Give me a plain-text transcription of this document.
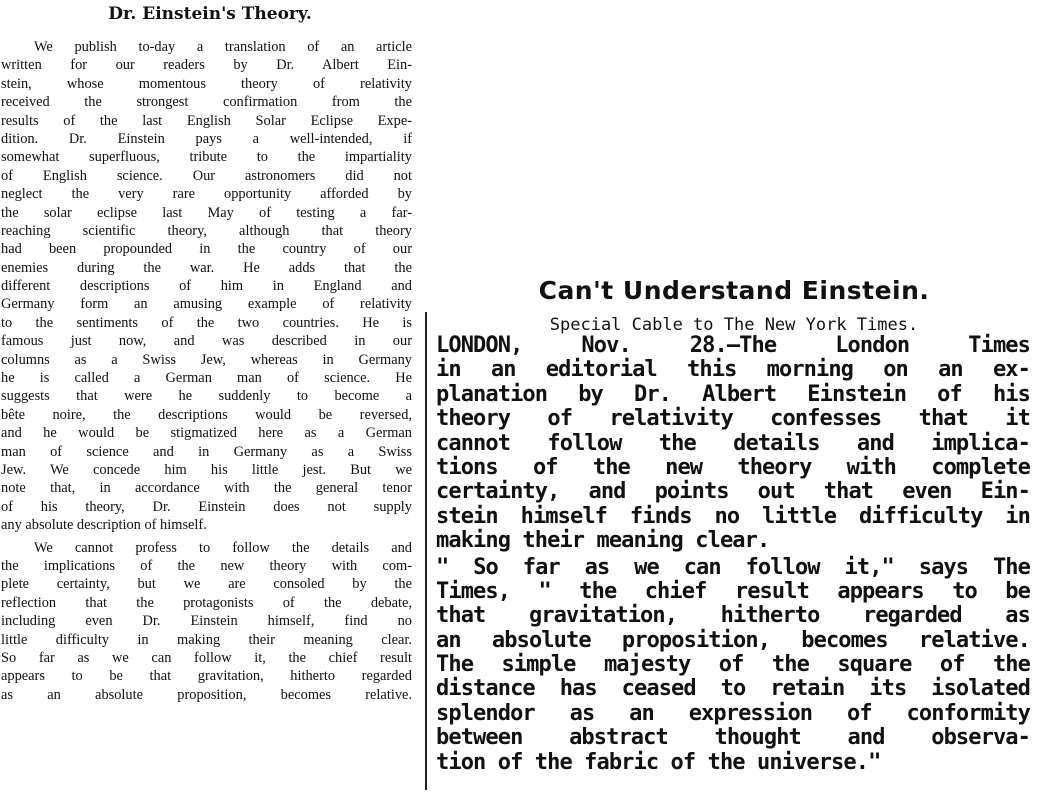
Dr. Einstein's Theory.
We publish to-day a translation of an article
written for our readers by Dr. Albert Ein-
stein, whose momentous theory of relativity
received the strongest confirmation from the
results of the last English Solar Eclipse Expe-
dition. Dr. Einstein pays a well-intended, if
somewhat superfluous, tribute to the impartiality
of English science. Our astronomers did not
neglect the very rare opportunity afforded by
the solar eclipse last May of testing a far-
reaching scientific theory, although that theory
had been propounded in the country of our
enemies during the war. He adds that the
different descriptions of him in England and
Germany form an amusing example of relativity
to the sentiments of the two countries. He is
famous just now, and was described in our
columns as a Swiss Jew, whereas in Germany
he is called a German man of science. He
suggests that were he suddenly to become a
bête noire, the descriptions would be reversed,
and he would be stigmatized here as a German
man of science and in Germany as a Swiss
Jew. We concede him his little jest. But we
note that, in accordance with the general tenor
of his theory, Dr. Einstein does not supply
any absolute description of himself.
We cannot profess to follow the details and
the implications of the new theory with com-
plete certainty, but we are consoled by the
reflection that the protagonists of the debate,
including even Dr. Einstein himself, find no
little difficulty in making their meaning clear.
So far as we can follow it, the chief result
appears to be that gravitation, hitherto regarded
as an absolute proposition, becomes relative.
Can't Understand Einstein.
Special Cable to The New York Times.
LONDON, Nov. 28.—The London Times
in an editorial this morning on an ex-
planation by Dr. Albert Einstein of his
theory of relativity confesses that it
cannot follow the details and implica-
tions of the new theory with complete
certainty, and points out that even Ein-
stein himself finds no little difficulty in
making their meaning clear.
" So far as we can follow it," says The
Times, " the chief result appears to be
that gravitation, hitherto regarded as
an absolute proposition, becomes relative.
The simple majesty of the square of the
distance has ceased to retain its isolated
splendor as an expression of conformity
between abstract thought and observa-
tion of the fabric of the universe."
